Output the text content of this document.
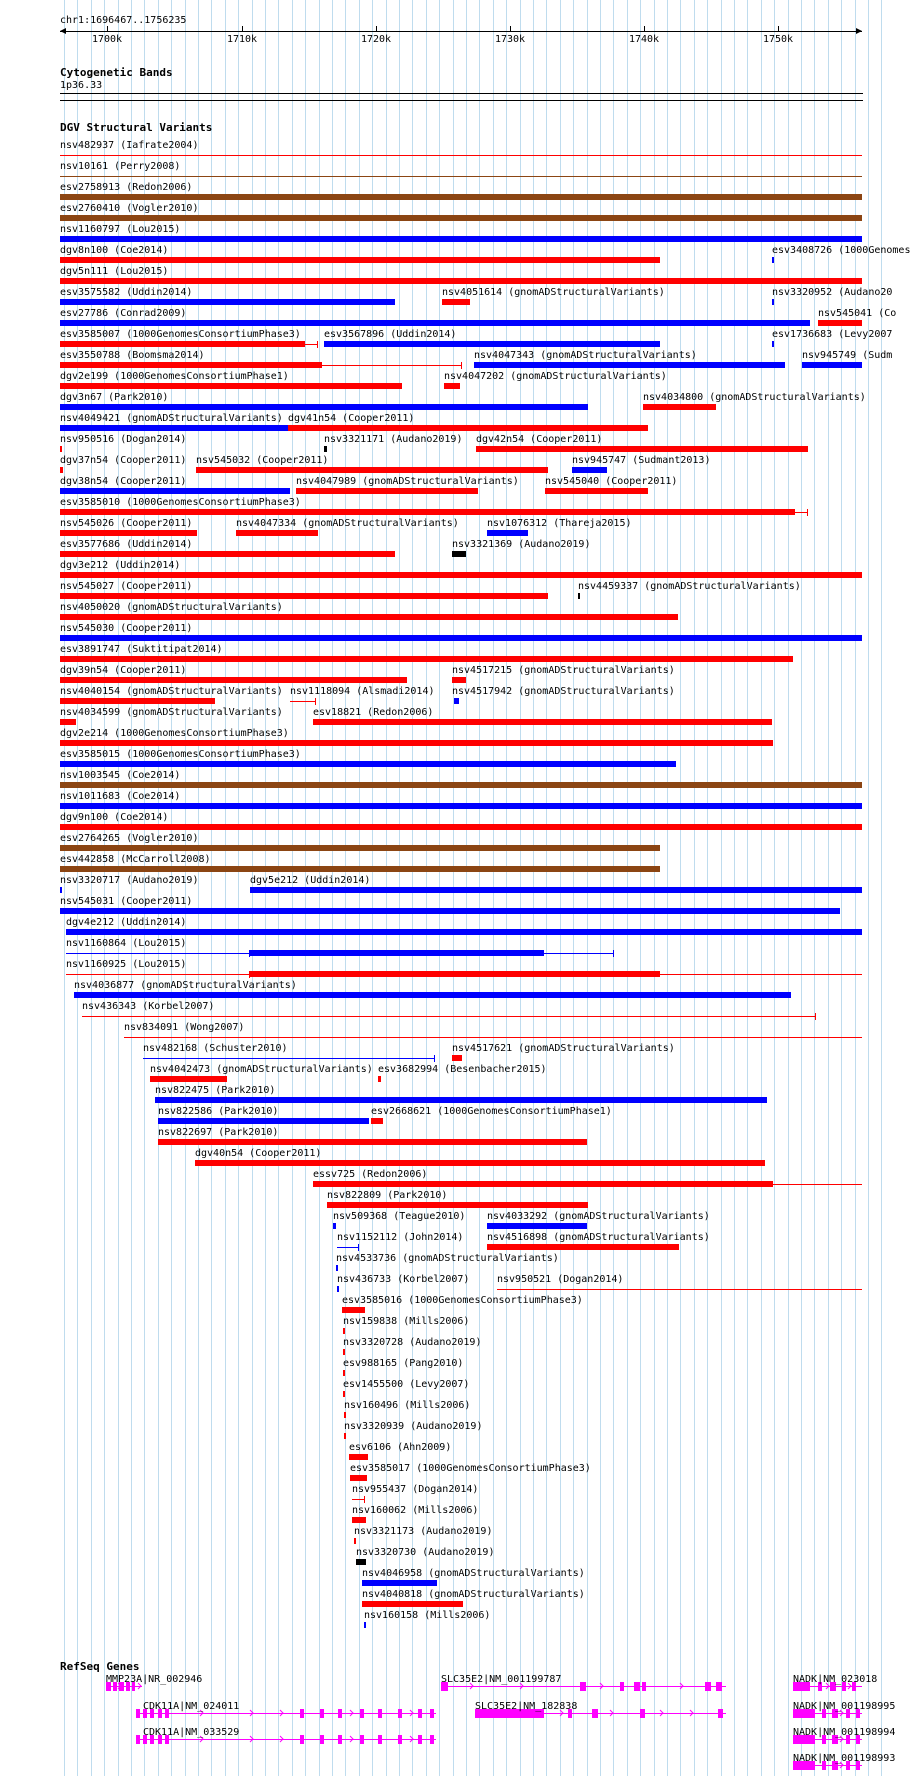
chr1:1696467..1756235
1700k	1710k	1720k	1730k	1740k	1750k
Cytogenetic Bands
1p36.33
DGV Structural Variants
nsv482937 (Iafrate2004)
nsv10161 (Perry2008)
esv2758913 (Redon2006)
esv2760410 (Vogler2010)
nsv1160797 (Lou2015)
dgv8n100 (Coe2014)	esv3408726 (1000Genomes
dgv5n111 (Lou2015)
esv3575582 (Uddin2014)	nsv4051614 (gnomADStructuralVariants)	nsv3320952 (Audano20
esv27786 (Conrad2009)	nsv545041 (Co
esv3585007 (1000GenomesConsortiumPhase3) esv3567896 (Uddin2014)	esv1736683 (Levy2007
esv3550788 (Boomsma2014)	nsv4047343 (gnomADStructuralVariants)	nsv945749 (Sudm
dgv2e199 (1000GenomesConsortiumPhase1)	nsv4047202 (gnomADStructuralVariants)
dgv3n67 (Park2010)	nsv4034800 (gnomADStructuralVariants)
nsv4049421 (gnomADStructuralVariants) dgv41n54 (Cooper2011)
nsv950516 (Dogan2014)	nsv3321171 (Audano2019) dgv42n54 (Cooper2011)
dgv37n54 (Cooper2011) nsv545032 (Cooper2011)	nsv945747 (Sudmant2013)
dgv38n54 (Cooper2011)	nsv4047989 (gnomADStructuralVariants)	nsv545040 (Cooper2011)
esv3585010 (1000GenomesConsortiumPhase3)
nsv545026 (Cooper2011)	nsv4047334 (gnomADStructuralVariants)	nsv1076312 (Thareja2015)
esv3577686 (Uddin2014)	nsv3321369 (Audano2019)
dgv3e212 (Uddin2014)
nsv545027 (Cooper2011)	nsv4459337 (gnomADStructuralVariants)
nsv4050020 (gnomADStructuralVariants)
nsv545030 (Cooper2011)
esv3891747 (Suktitipat2014)
dgv39n54 (Cooper2011)	nsv4517215 (gnomADStructuralVariants)
nsv4040154 (gnomADStructuralVariants) nsv1118094 (Alsmadi2014) nsv4517942 (gnomADStructuralVariants)
nsv4034599 (gnomADStructuralVariants)	esv18821 (Redon2006)
dgv2e214 (1000GenomesConsortiumPhase3)
esv3585015 (1000GenomesConsortiumPhase3)
nsv1003545 (Coe2014)
nsv1011683 (Coe2014)
dgv9n100 (Coe2014)
esv2764265 (Vogler2010)
esv442858 (McCarroll2008)
nsv3320717 (Audano2019)	dgv5e212 (Uddin2014)
nsv545031 (Cooper2011)
dgv4e212 (Uddin2014)
nsv1160864 (Lou2015)
nsv1160925 (Lou2015)
nsv4036877 (gnomADStructuralVariants)
nsv436343 (Korbel2007)
nsv834091 (Wong2007)
nsv482168 (Schuster2010)	nsv4517621 (gnomADStructuralVariants)
nsv4042473 (gnomADStructuralVariants) esv3682994 (Besenbacher2015)
nsv822475 (Park2010)
nsv822586 (Park2010)	esv2668621 (1000GenomesConsortiumPhase1)
nsv822697 (Park2010)
dgv40n54 (Cooper2011)
essv725 (Redon2006)
nsv822809 (Park2010)
nsv509368 (Teague2010) nsv4033292 (gnomADStructuralVariants)
nsv1152112 (John2014) nsv4516898 (gnomADStructuralVariants)
nsv4533736 (gnomADStructuralVariants)
nsv436733 (Korbel2007)	nsv950521 (Dogan2014)
esv3585016 (1000GenomesConsortiumPhase3)
nsv159838 (Mills2006)
nsv3320728 (Audano2019)
esv988165 (Pang2010)
esv1455500 (Levy2007)
nsv160496 (Mills2006)
nsv3320939 (Audano2019)
esv6106 (Ahn2009)
esv3585017 (1000GenomesConsortiumPhase3)
nsv955437 (Dogan2014)
nsv160062 (Mills2006)
nsv3321173 (Audano2019)
nsv3320730 (Audano2019)
nsv4046958 (gnomADStructuralVariants)
nsv4040818 (gnomADStructuralVariants)
nsv160158 (Mills2006)
RefSeq Genes
MMP23A|NR_002946	SLC35E2|NM_001199787	NADK|NM_023018
CDK11A|NM_024011	SLC35E2|NM_182838	NADK|NM_001198995
CDK11A|NM_033529	NADK|NM_001198994
NADK|NM_001198993
